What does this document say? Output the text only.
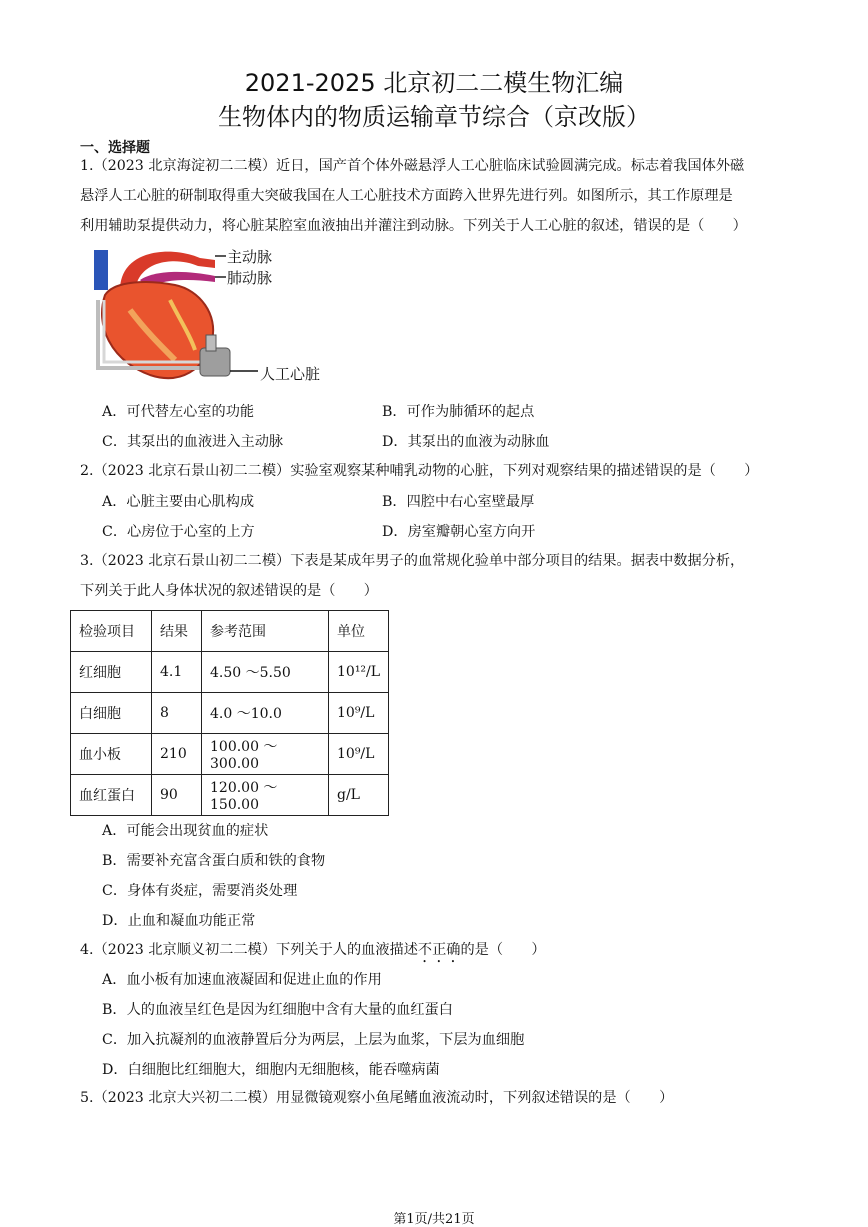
2021-2025 北京初二二模生物汇编
生物体内的物质运输章节综合（京改版）
一、选择题
1.（2023 北京海淀初二二模）近日，国产首个体外磁悬浮人工心脏临床试验圆满完成。标志着我国体外磁
悬浮人工心脏的研制取得重大突破我国在人工心脏技术方面跨入世界先进行列。如图所示，其工作原理是
利用辅助泵提供动力，将心脏某腔室血液抽出并灌注到动脉。下列关于人工心脏的叙述，错误的是（　　）
主动脉
肺动脉
人工心脏
A．可代替左心室的功能	B．可作为肺循环的起点
C．其泵出的血液进入主动脉	D．其泵出的血液为动脉血
2.（2023 北京石景山初二二模）实验室观察某种哺乳动物的心脏，下列对观察结果的描述错误的是（　　）
A．心脏主要由心肌构成	B．四腔中右心室壁最厚
C．心房位于心室的上方	D．房室瓣朝心室方向开
3.（2023 北京石景山初二二模）下表是某成年男子的血常规化验单中部分项目的结果。据表中数据分析，
下列关于此人身体状况的叙述错误的是（　　）
检验项目	结果	参考范围	单位
红细胞	4.1	4.50 ～5.50	10¹²/L
白细胞	8	4.0 ～10.0	10⁹/L
血小板	210	100.00 ～300.00	10⁹/L
血红蛋白	90	120.00 ～150.00	g/L
A．可能会出现贫血的症状
B．需要补充富含蛋白质和铁的食物
C．身体有炎症，需要消炎处理
D．止血和凝血功能正常
4.（2023 北京顺义初二二模）下列关于人的血液描述不正确的是（　　）
A．血小板有加速血液凝固和促进止血的作用
B．人的血液呈红色是因为红细胞中含有大量的血红蛋白
C．加入抗凝剂的血液静置后分为两层，上层为血浆，下层为血细胞
D．白细胞比红细胞大，细胞内无细胞核，能吞噬病菌
5.（2023 北京大兴初二二模）用显微镜观察小鱼尾鳍血液流动时，下列叙述错误的是（　　）
第1页/共21页
